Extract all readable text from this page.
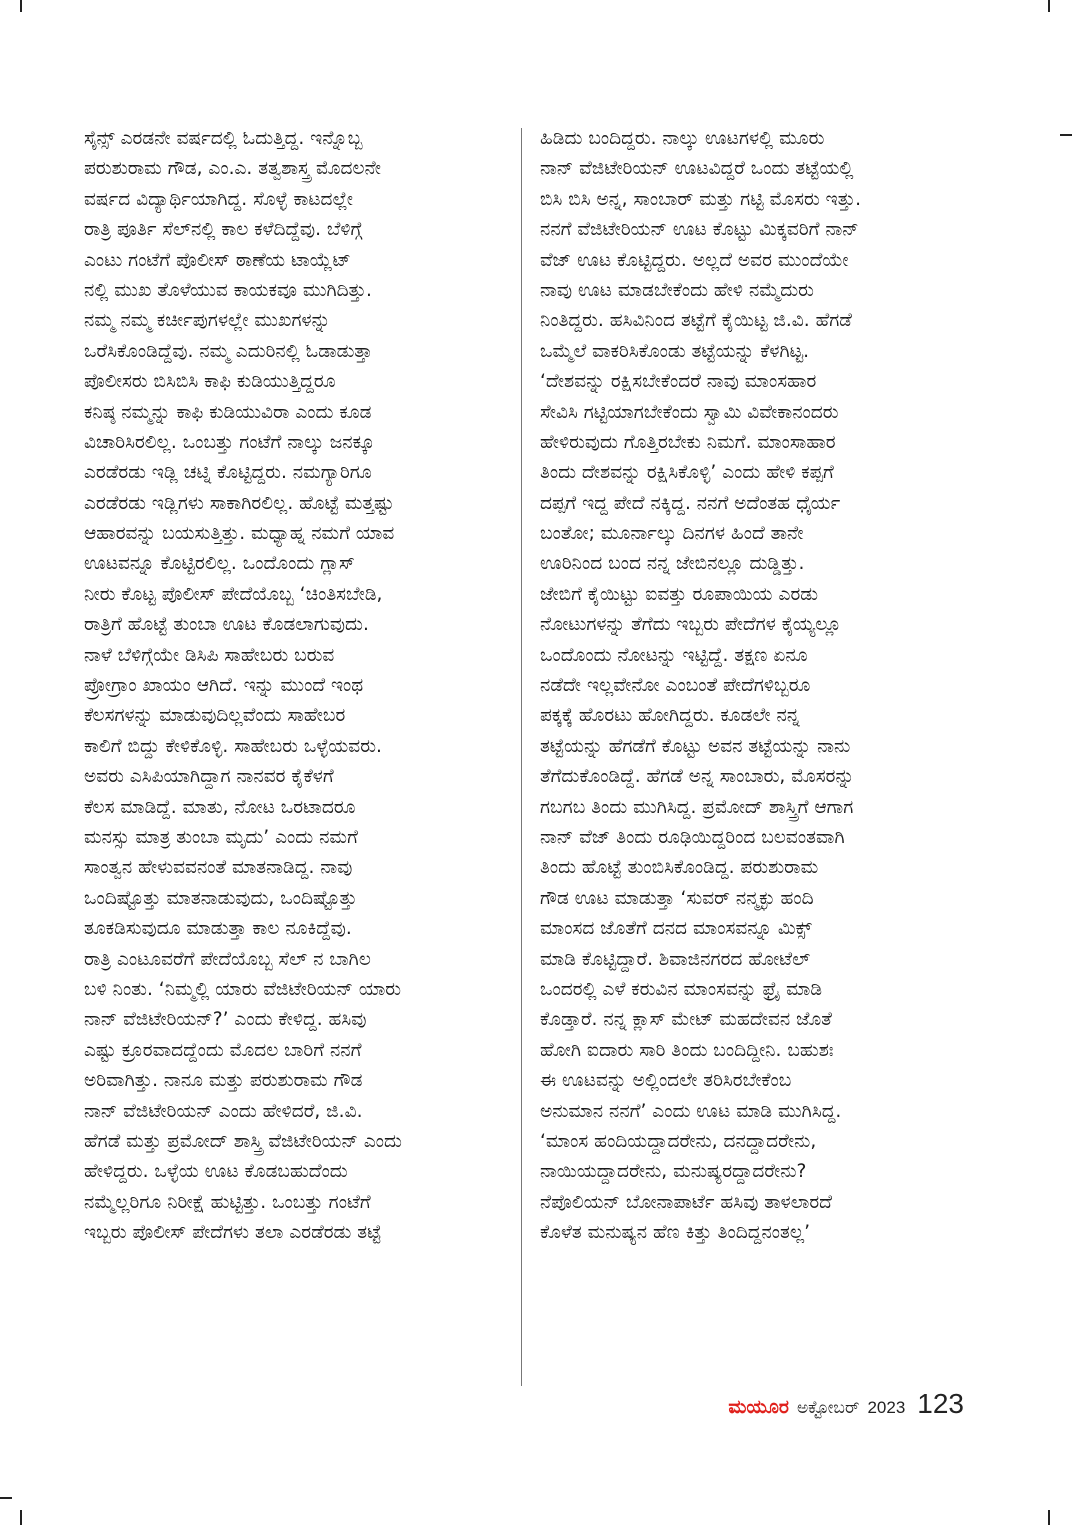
ಸೈನ್ಸ್ ಎರಡನೇ ವರ್ಷದಲ್ಲಿ ಓದುತ್ತಿದ್ದ. ಇನ್ನೊಬ್ಬ
ಪರುಶುರಾಮ ಗೌಡ, ಎಂ.ಎ. ತತ್ವಶಾಸ್ತ್ರ ಮೊದಲನೇ
ವರ್ಷದ ವಿದ್ಯಾರ್ಥಿಯಾಗಿದ್ದ. ಸೊಳ್ಳೆ ಕಾಟದಲ್ಲೇ
ರಾತ್ರಿ ಪೂರ್ತಿ ಸೆಲ್‌ನಲ್ಲಿ ಕಾಲ ಕಳೆದಿದ್ದೆವು. ಬೆಳಿಗ್ಗೆ
ಎಂಟು ಗಂಟೆಗೆ ಪೊಲೀಸ್ ಠಾಣೆಯ ಟಾಯ್ಲೆಟ್
ನಲ್ಲಿ ಮುಖ ತೊಳೆಯುವ ಕಾಯಕವೂ ಮುಗಿದಿತ್ತು.
ನಮ್ಮ ನಮ್ಮ ಕರ್ಚೀಪುಗಳಲ್ಲೇ ಮುಖಗಳನ್ನು
ಒರೆಸಿಕೊಂಡಿದ್ದೆವು. ನಮ್ಮ ಎದುರಿನಲ್ಲಿ ಓಡಾಡುತ್ತಾ
ಪೊಲೀಸರು ಬಿಸಿಬಿಸಿ ಕಾಫಿ ಕುಡಿಯುತ್ತಿದ್ದರೂ
ಕನಿಷ್ಠ ನಮ್ಮನ್ನು ಕಾಫಿ ಕುಡಿಯುವಿರಾ ಎಂದು ಕೂಡ
ವಿಚಾರಿಸಿರಲಿಲ್ಲ. ಒಂಬತ್ತು ಗಂಟೆಗೆ ನಾಲ್ಕು ಜನಕ್ಕೂ
ಎರಡೆರಡು ಇಡ್ಲಿ ಚಟ್ನಿ ಕೊಟ್ಟಿದ್ದರು. ನಮಗ್ಯಾರಿಗೂ
ಎರಡೆರಡು ಇಡ್ಲಿಗಳು ಸಾಕಾಗಿರಲಿಲ್ಲ. ಹೊಟ್ಟೆ ಮತ್ತಷ್ಟು
ಆಹಾರವನ್ನು ಬಯಸುತ್ತಿತ್ತು. ಮಧ್ಯಾಹ್ನ ನಮಗೆ ಯಾವ
ಊಟವನ್ನೂ ಕೊಟ್ಟಿರಲಿಲ್ಲ. ಒಂದೊಂದು ಗ್ಲಾಸ್
ನೀರು ಕೊಟ್ಟ ಪೊಲೀಸ್ ಪೇದೆಯೊಬ್ಬ ‘ಚಿಂತಿಸಬೇಡಿ,
ರಾತ್ರಿಗೆ ಹೊಟ್ಟೆ ತುಂಬಾ ಊಟ ಕೊಡಲಾಗುವುದು.
ನಾಳೆ ಬೆಳಿಗ್ಗೆಯೇ ಡಿಸಿಪಿ ಸಾಹೇಬರು ಬರುವ
ಪ್ರೋಗ್ರಾಂ ಖಾಯಂ ಆಗಿದೆ. ಇನ್ನು ಮುಂದೆ ಇಂಥ
ಕೆಲಸಗಳನ್ನು ಮಾಡುವುದಿಲ್ಲವೆಂದು ಸಾಹೇಬರ
ಕಾಲಿಗೆ ಬಿದ್ದು ಕೇಳಿಕೊಳ್ಳಿ. ಸಾಹೇಬರು ಒಳ್ಳೆಯವರು.
ಅವರು ಎಸಿಪಿಯಾಗಿದ್ದಾಗ ನಾನವರ ಕೈಕೆಳಗೆ
ಕೆಲಸ ಮಾಡಿದ್ದೆ. ಮಾತು, ನೋಟ ಒರಟಾದರೂ
ಮನಸ್ಸು ಮಾತ್ರ ತುಂಬಾ ಮೃದು’ ಎಂದು ನಮಗೆ
ಸಾಂತ್ವನ ಹೇಳುವವನಂತೆ ಮಾತನಾಡಿದ್ದ. ನಾವು
ಒಂದಿಷ್ಟೊತ್ತು ಮಾತನಾಡುವುದು, ಒಂದಿಷ್ಟೊತ್ತು
ತೂಕಡಿಸುವುದೂ ಮಾಡುತ್ತಾ ಕಾಲ ನೂಕಿದ್ದೆವು.
ರಾತ್ರಿ ಎಂಟೂವರೆಗೆ ಪೇದೆಯೊಬ್ಬ ಸೆಲ್ ನ ಬಾಗಿಲ
ಬಳಿ ನಿಂತು. ‘ನಿಮ್ಮಲ್ಲಿ ಯಾರು ವೆಜಿಟೇರಿಯನ್ ಯಾರು
ನಾನ್ ವೆಜಿಟೇರಿಯನ್?’ ಎಂದು ಕೇಳಿದ್ದ. ಹಸಿವು
ಎಷ್ಟು ಕ್ರೂರವಾದದ್ದೆಂದು ಮೊದಲ ಬಾರಿಗೆ ನನಗೆ
ಅರಿವಾಗಿತ್ತು. ನಾನೂ ಮತ್ತು ಪರುಶುರಾಮ ಗೌಡ
ನಾನ್ ವೆಜಿಟೇರಿಯನ್ ಎಂದು ಹೇಳಿದರೆ, ಜಿ.ವಿ.
ಹೆಗಡೆ ಮತ್ತು ಪ್ರಮೋದ್ ಶಾಸ್ತ್ರಿ ವೆಜಿಟೇರಿಯನ್ ಎಂದು
ಹೇಳಿದ್ದರು. ಒಳ್ಳೆಯ ಊಟ ಕೊಡಬಹುದೆಂದು
ನಮ್ಮೆಲ್ಲರಿಗೂ ನಿರೀಕ್ಷೆ ಹುಟ್ಟಿತ್ತು. ಒಂಬತ್ತು ಗಂಟೆಗೆ
ಇಬ್ಬರು ಪೊಲೀಸ್ ಪೇದೆಗಳು ತಲಾ ಎರಡೆರಡು ತಟ್ಟೆ
ಹಿಡಿದು ಬಂದಿದ್ದರು. ನಾಲ್ಕು ಊಟಗಳಲ್ಲಿ ಮೂರು
ನಾನ್ ವೆಜಿಟೇರಿಯನ್ ಊಟವಿದ್ದರೆ ಒಂದು ತಟ್ಟೆಯಲ್ಲಿ
ಬಿಸಿ ಬಿಸಿ ಅನ್ನ, ಸಾಂಬಾರ್ ಮತ್ತು ಗಟ್ಟಿ ಮೊಸರು ಇತ್ತು.
ನನಗೆ ವೆಜಿಟೇರಿಯನ್ ಊಟ ಕೊಟ್ಟು ಮಿಕ್ಕವರಿಗೆ ನಾನ್
ವೆಜ್ ಊಟ ಕೊಟ್ಟಿದ್ದರು. ಅಲ್ಲದೆ ಅವರ ಮುಂದೆಯೇ
ನಾವು ಊಟ ಮಾಡಬೇಕೆಂದು ಹೇಳಿ ನಮ್ಮೆದುರು
ನಿಂತಿದ್ದರು. ಹಸಿವಿನಿಂದ ತಟ್ಟೆಗೆ ಕೈಯಿಟ್ಟ ಜಿ.ವಿ. ಹೆಗಡೆ
ಒಮ್ಮೆಲೆ ವಾಕರಿಸಿಕೊಂಡು ತಟ್ಟೆಯನ್ನು ಕೆಳಗಿಟ್ಟ.
‘ದೇಶವನ್ನು ರಕ್ಷಿಸಬೇಕೆಂದರೆ ನಾವು ಮಾಂಸಹಾರ
ಸೇವಿಸಿ ಗಟ್ಟಿಯಾಗಬೇಕೆಂದು ಸ್ವಾಮಿ ವಿವೇಕಾನಂದರು
ಹೇಳಿರುವುದು ಗೊತ್ತಿರಬೇಕು ನಿಮಗೆ. ಮಾಂಸಾಹಾರ
ತಿಂದು ದೇಶವನ್ನು ರಕ್ಷಿಸಿಕೊಳ್ಳಿ’ ಎಂದು ಹೇಳಿ ಕಪ್ಪಗೆ
ದಪ್ಪಗೆ ಇದ್ದ ಪೇದೆ ನಕ್ಕಿದ್ದ. ನನಗೆ ಅದೆಂತಹ ಧೈರ್ಯ
ಬಂತೋ; ಮೂರ್ನಾಲ್ಕು ದಿನಗಳ ಹಿಂದೆ ತಾನೇ
ಊರಿನಿಂದ ಬಂದ ನನ್ನ ಜೇಬಿನಲ್ಲೂ ದುಡ್ಡಿತ್ತು.
ಜೇಬಿಗೆ ಕೈಯಿಟ್ಟು ಐವತ್ತು ರೂಪಾಯಿಯ ಎರಡು
ನೋಟುಗಳನ್ನು ತೆಗೆದು ಇಬ್ಬರು ಪೇದೆಗಳ ಕೈಯ್ಯಲ್ಲೂ
ಒಂದೊಂದು ನೋಟನ್ನು ಇಟ್ಟಿದ್ದೆ. ತಕ್ಷಣ ಏನೂ
ನಡೆದೇ ಇಲ್ಲವೇನೋ ಎಂಬಂತೆ ಪೇದೆಗಳಿಬ್ಬರೂ
ಪಕ್ಕಕ್ಕೆ ಹೊರಟು ಹೋಗಿದ್ದರು. ಕೂಡಲೇ ನನ್ನ
ತಟ್ಟೆಯನ್ನು ಹೆಗಡೆಗೆ ಕೊಟ್ಟು ಅವನ ತಟ್ಟೆಯನ್ನು ನಾನು
ತೆಗೆದುಕೊಂಡಿದ್ದೆ. ಹೆಗಡೆ ಅನ್ನ ಸಾಂಬಾರು, ಮೊಸರನ್ನು
ಗಬಗಬ ತಿಂದು ಮುಗಿಸಿದ್ದ. ಪ್ರಮೋದ್ ಶಾಸ್ತ್ರಿಗೆ ಆಗಾಗ
ನಾನ್ ವೆಜ್ ತಿಂದು ರೂಢಿಯಿದ್ದರಿಂದ ಬಲವಂತವಾಗಿ
ತಿಂದು ಹೊಟ್ಟೆ ತುಂಬಿಸಿಕೊಂಡಿದ್ದ. ಪರುಶುರಾಮ
ಗೌಡ ಊಟ ಮಾಡುತ್ತಾ ‘ಸುವರ್ ನನ್ಮಕ್ಳು ಹಂದಿ
ಮಾಂಸದ ಜೊತೆಗೆ ದನದ ಮಾಂಸವನ್ನೂ ಮಿಕ್ಸ್
ಮಾಡಿ ಕೊಟ್ಟಿದ್ದಾರೆ. ಶಿವಾಜಿನಗರದ ಹೋಟೆಲ್
ಒಂದರಲ್ಲಿ ಎಳೆ ಕರುವಿನ ಮಾಂಸವನ್ನು ಫ್ರೈ ಮಾಡಿ
ಕೊಡ್ತಾರೆ. ನನ್ನ ಕ್ಲಾಸ್ ಮೇಟ್ ಮಹದೇವನ ಜೊತೆ
ಹೋಗಿ ಐದಾರು ಸಾರಿ ತಿಂದು ಬಂದಿದ್ದೀನಿ. ಬಹುಶಃ
ಈ ಊಟವನ್ನು ಅಲ್ಲಿಂದಲೇ ತರಿಸಿರಬೇಕೆಂಬ
ಅನುಮಾನ ನನಗೆ’ ಎಂದು ಊಟ ಮಾಡಿ ಮುಗಿಸಿದ್ದ.
‘ಮಾಂಸ ಹಂದಿಯದ್ದಾದರೇನು, ದನದ್ದಾದರೇನು,
ನಾಯಿಯದ್ದಾದರೇನು, ಮನುಷ್ಯರದ್ದಾದರೇನು?
ನೆಪೊಲಿಯನ್ ಬೋನಾಪಾರ್ಟೆ ಹಸಿವು ತಾಳಲಾರದೆ
ಕೊಳೆತ ಮನುಷ್ಯನ ಹೆಣ ಕಿತ್ತು ತಿಂದಿದ್ದನಂತಲ್ಲ’
ಮಯೂರ ಅಕ್ಟೋಬರ್ 2023 123
